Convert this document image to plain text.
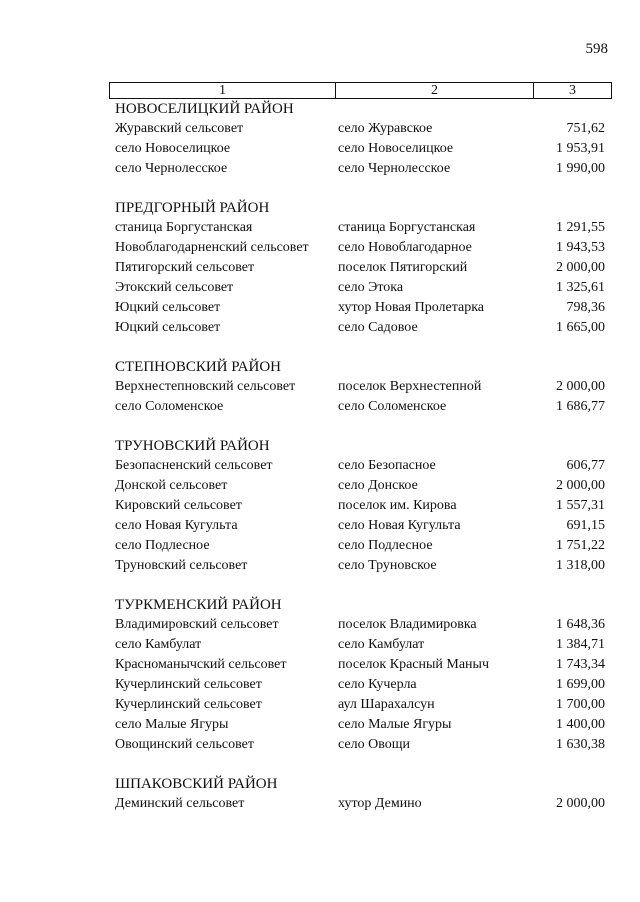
598
1	2	3
НОВОСЕЛИЦКИЙ РАЙОН
Журавский сельсовет	село Журавское	751,62
село Новоселицкое	село Новоселицкое	1 953,91
село Чернолесское	село Чернолесское	1 990,00
ПРЕДГОРНЫЙ РАЙОН
станица Боргустанская	станица Боргустанская	1 291,55
Новоблагодарненский сельсовет	село Новоблагодарное	1 943,53
Пятигорский сельсовет	поселок Пятигорский	2 000,00
Этокский сельсовет	село Этока	1 325,61
Юцкий сельсовет	хутор Новая Пролетарка	798,36
Юцкий сельсовет	село Садовое	1 665,00
СТЕПНОВСКИЙ РАЙОН
Верхнестепновский сельсовет	поселок Верхнестепной	2 000,00
село Соломенское	село Соломенское	1 686,77
ТРУНОВСКИЙ РАЙОН
Безопасненский сельсовет	село Безопасное	606,77
Донской сельсовет	село Донское	2 000,00
Кировский сельсовет	поселок им. Кирова	1 557,31
село Новая Кугульта	село Новая Кугульта	691,15
село Подлесное	село Подлесное	1 751,22
Труновский сельсовет	село Труновское	1 318,00
ТУРКМЕНСКИЙ РАЙОН
Владимировский сельсовет	поселок Владимировка	1 648,36
село Камбулат	село Камбулат	1 384,71
Красноманычский сельсовет	поселок Красный Маныч	1 743,34
Кучерлинский сельсовет	село Кучерла	1 699,00
Кучерлинский сельсовет	аул Шарахалсун	1 700,00
село Малые Ягуры	село Малые Ягуры	1 400,00
Овощинский сельсовет	село Овощи	1 630,38
ШПАКОВСКИЙ РАЙОН
Деминский сельсовет	хутор Демино	2 000,00
